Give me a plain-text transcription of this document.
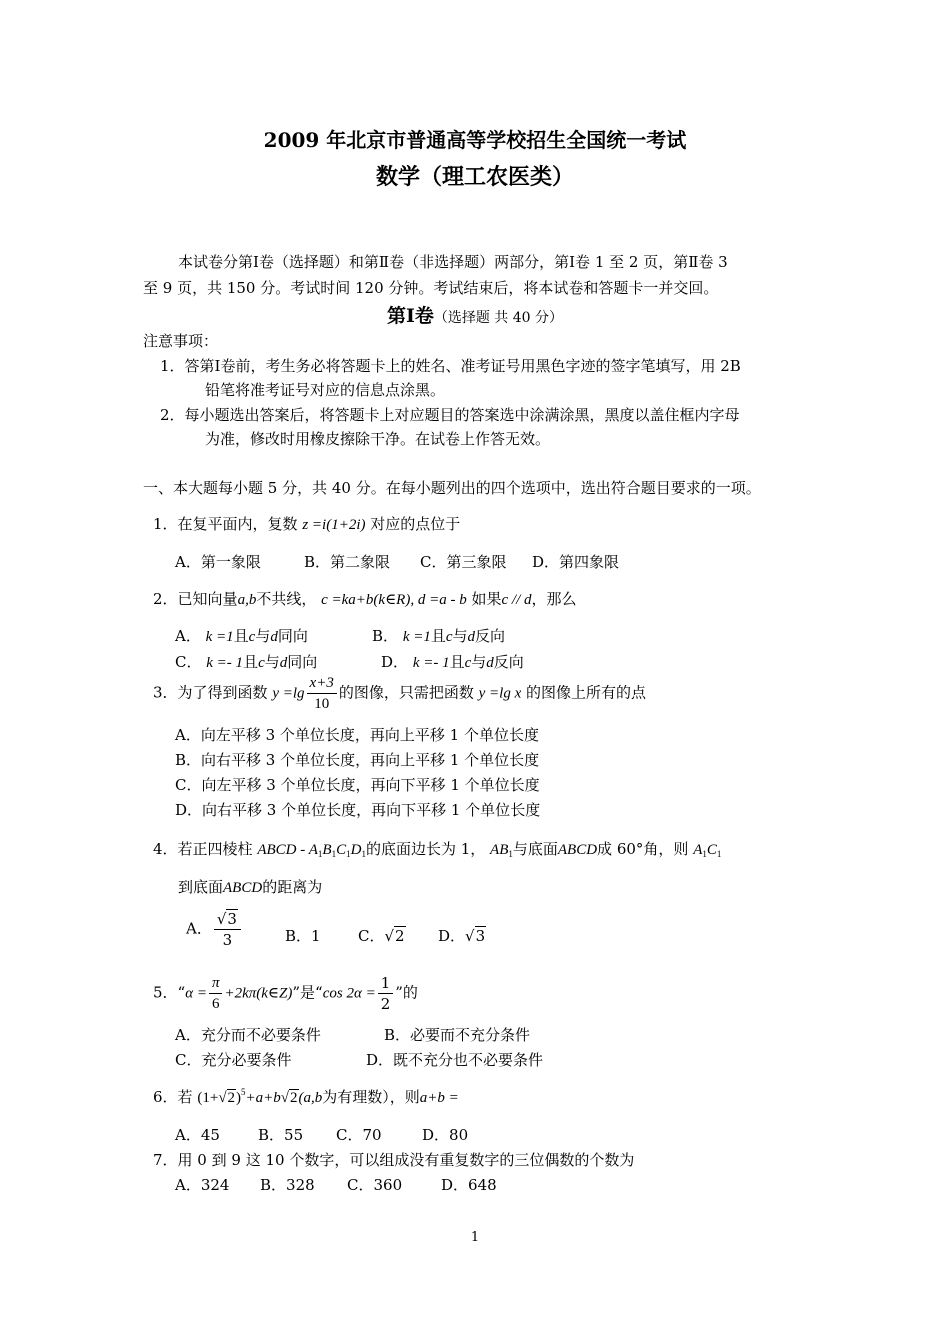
2009 年北京市普通高等学校招生全国统一考试
数学（理工农医类）
本试卷分第Ⅰ卷（选择题）和第Ⅱ卷（非选择题）两部分，第Ⅰ卷 1 至 2 页，第Ⅱ卷 3
至 9 页，共 150 分。考试时间 120 分钟。考试结束后，将本试卷和答题卡一并交回。
第Ⅰ卷（选择题 共 40 分）
注意事项：
1．答第Ⅰ卷前，考生务必将答题卡上的姓名、准考证号用黑色字迹的签字笔填写，用 2B
铅笔将准考证号对应的信息点涂黑。
2．每小题选出答案后，将答题卡上对应题目的答案选中涂满涂黑，黑度以盖住框内字母
为准，修改时用橡皮擦除干净。在试卷上作答无效。
一、本大题每小题 5 分，共 40 分。在每小题列出的四个选项中，选出符合题目要求的一项。
1．在复平面内，复数 z =i(1+2i) 对应的点位于
A．第一象限	B．第二象限 C．第三象限 D．第四象限
2．已知向量a,b不共线， c =ka+b(k∈R), d =a - b 如果c // d，那么
A． k =1且c与d同向	B． k =1且c与d反向
C． k =- 1且c与d同向	D． k =- 1且c与d反向
3．为了得到函数 $y =\lg \frac{x+3}{10}$ 的图像，只需把函数 y =lg x 的图像上所有的点
A．向左平移 3 个单位长度，再向上平移 1 个单位长度
B．向右平移 3 个单位长度，再向上平移 1 个单位长度
C．向左平移 3 个单位长度，再向下平移 1 个单位长度
D．向右平移 3 个单位长度，再向下平移 1 个单位长度
4．若正四棱柱 ABCD - $A_1B_1C_1D_1$的底面边长为 1， $AB_1$与底面ABCD成 60°角，则 $A_1C_1$
到底面ABCD的距离为
A． $\frac{√3}{3}$	B．1 C．√2 D．√3
5．“$\alpha = \frac{\pi}{6}$ +2kπ(k∈Z)”是“cos $2\alpha = \frac{1}{2}$ ”的
A．充分而不必要条件	B．必要而不充分条件
C．充分必要条件	D．既不充分也不必要条件
6．若 $(1+√2)^5+a+b√2(a,b$为有理数），则a+b =
A．45	B．55 C．70	D．80
7．用 0 到 9 这 10 个数字，可以组成没有重复数字的三位偶数的个数为
A．324 B．328 C．360	D．648
1
